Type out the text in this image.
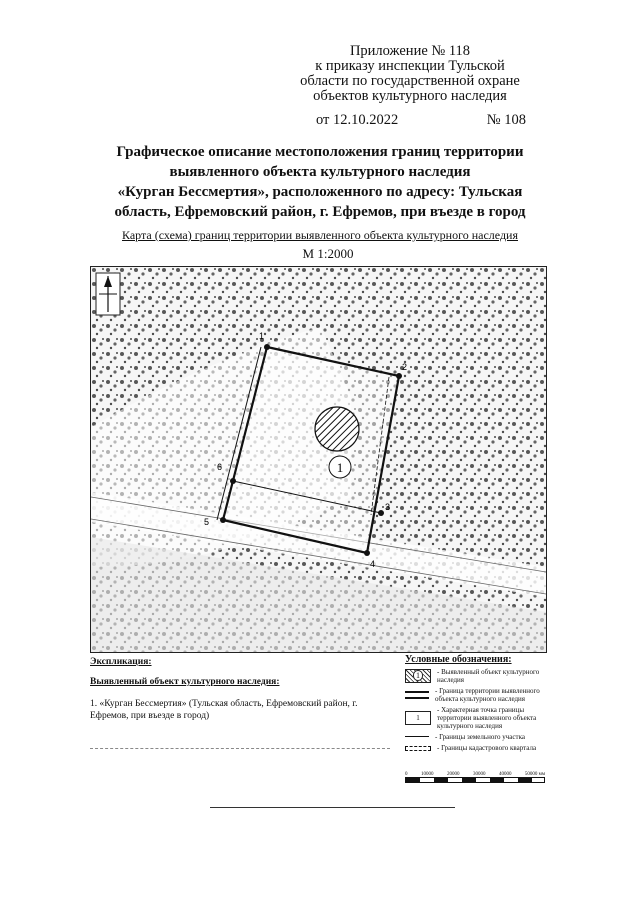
Приложение № 118
к приказу инспекции Тульской
области по государственной охране
объектов культурного наследия
от 12.10.2022	№ 108
Графическое описание местоположения границ территории
выявленного объекта культурного наследия
«Курган Бессмертия», расположенного по адресу: Тульская
область, Ефремовский район, г. Ефремов, при въезде в город
Карта (схема) границ территории выявленного объекта культурного наследия
М 1:2000
1
1
2
3
4
5
6
Экспликация:
Выявленный объект культурного наследия:
1. «Курган Бессмертия» (Тульская область, Ефремовский район, г. Ефремов, при въезде в город)
Условные обозначения:
1	- Выявленный объект культурного наследия
- Граница территории выявленного объекта культурного наследия
1
- Характерная точка границы территории выявленного объекта культурного наследия
- Границы земельного участка
- Границы кадастрового квартала
0	10000	20000	30000	40000	50000 мм
